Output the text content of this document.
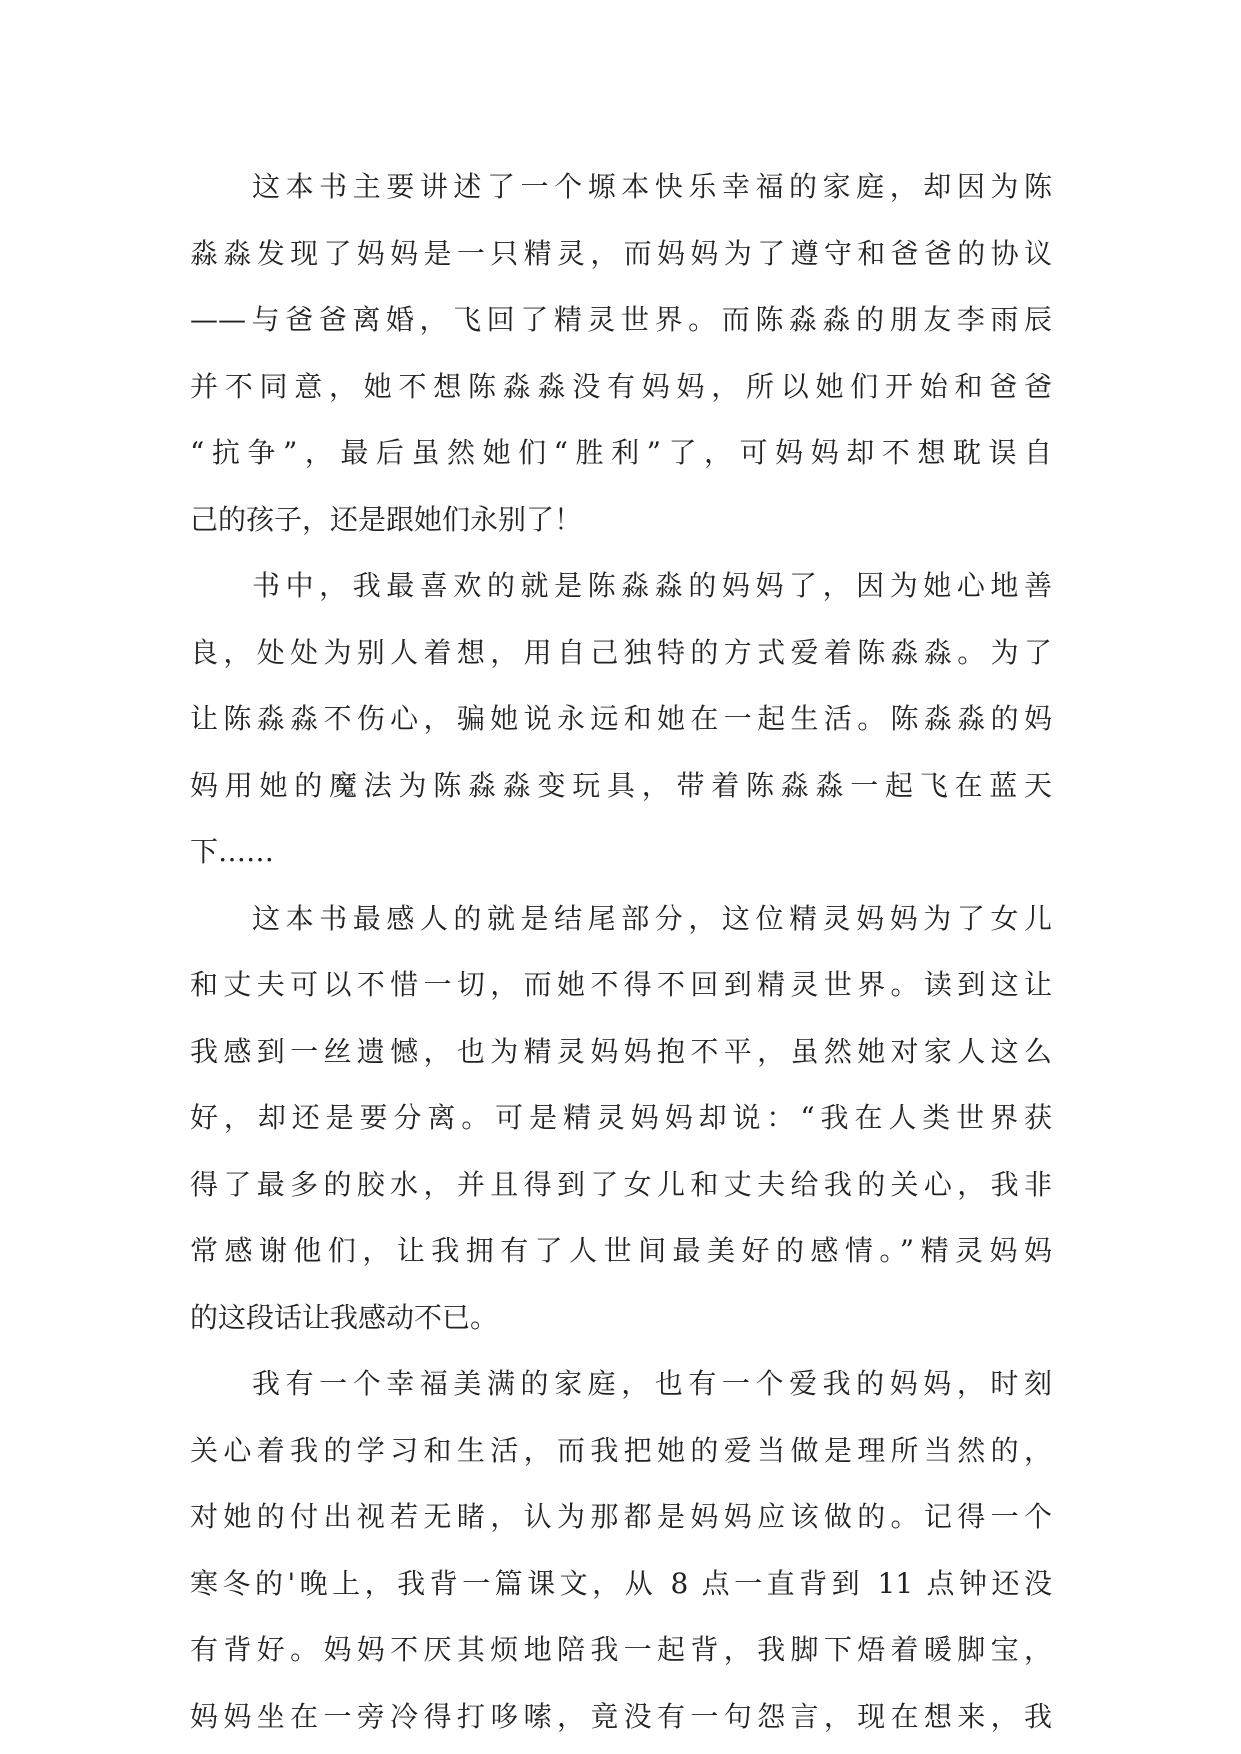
这本书主要讲述了一个塬本快乐幸福的家庭，却因为陈
淼淼发现了妈妈是一只精灵，而妈妈为了遵守和爸爸的协议
——与爸爸离婚，飞回了精灵世界。而陈淼淼的朋友李雨辰
并不同意，她不想陈淼淼没有妈妈，所以她们开始和爸爸
“抗争”，最后虽然她们“胜利”了，可妈妈却不想耽误自
己的孩子，还是跟她们永别了！
书中，我最喜欢的就是陈淼淼的妈妈了，因为她心地善
良，处处为别人着想，用自己独特的方式爱着陈淼淼。为了
让陈淼淼不伤心，骗她说永远和她在一起生活。陈淼淼的妈
妈用她的魔法为陈淼淼变玩具，带着陈淼淼一起飞在蓝天
下……
这本书最感人的就是结尾部分，这位精灵妈妈为了女儿
和丈夫可以不惜一切，而她不得不回到精灵世界。读到这让
我感到一丝遗憾，也为精灵妈妈抱不平，虽然她对家人这么
好，却还是要分离。可是精灵妈妈却说：“我在人类世界获
得了最多的胶水，并且得到了女儿和丈夫给我的关心，我非
常感谢他们，让我拥有了人世间最美好的感情。”精灵妈妈
的这段话让我感动不已。
我有一个幸福美满的家庭，也有一个爱我的妈妈，时刻
关心着我的学习和生活，而我把她的爱当做是理所当然的，
对她的付出视若无睹，认为那都是妈妈应该做的。记得一个
寒冬的'晚上，我背一篇课文，从 8 点一直背到 11 点钟还没
有背好。妈妈不厌其烦地陪我一起背，我脚下焐着暖脚宝，
妈妈坐在一旁冷得打哆嗦，竟没有一句怨言，现在想来，我
